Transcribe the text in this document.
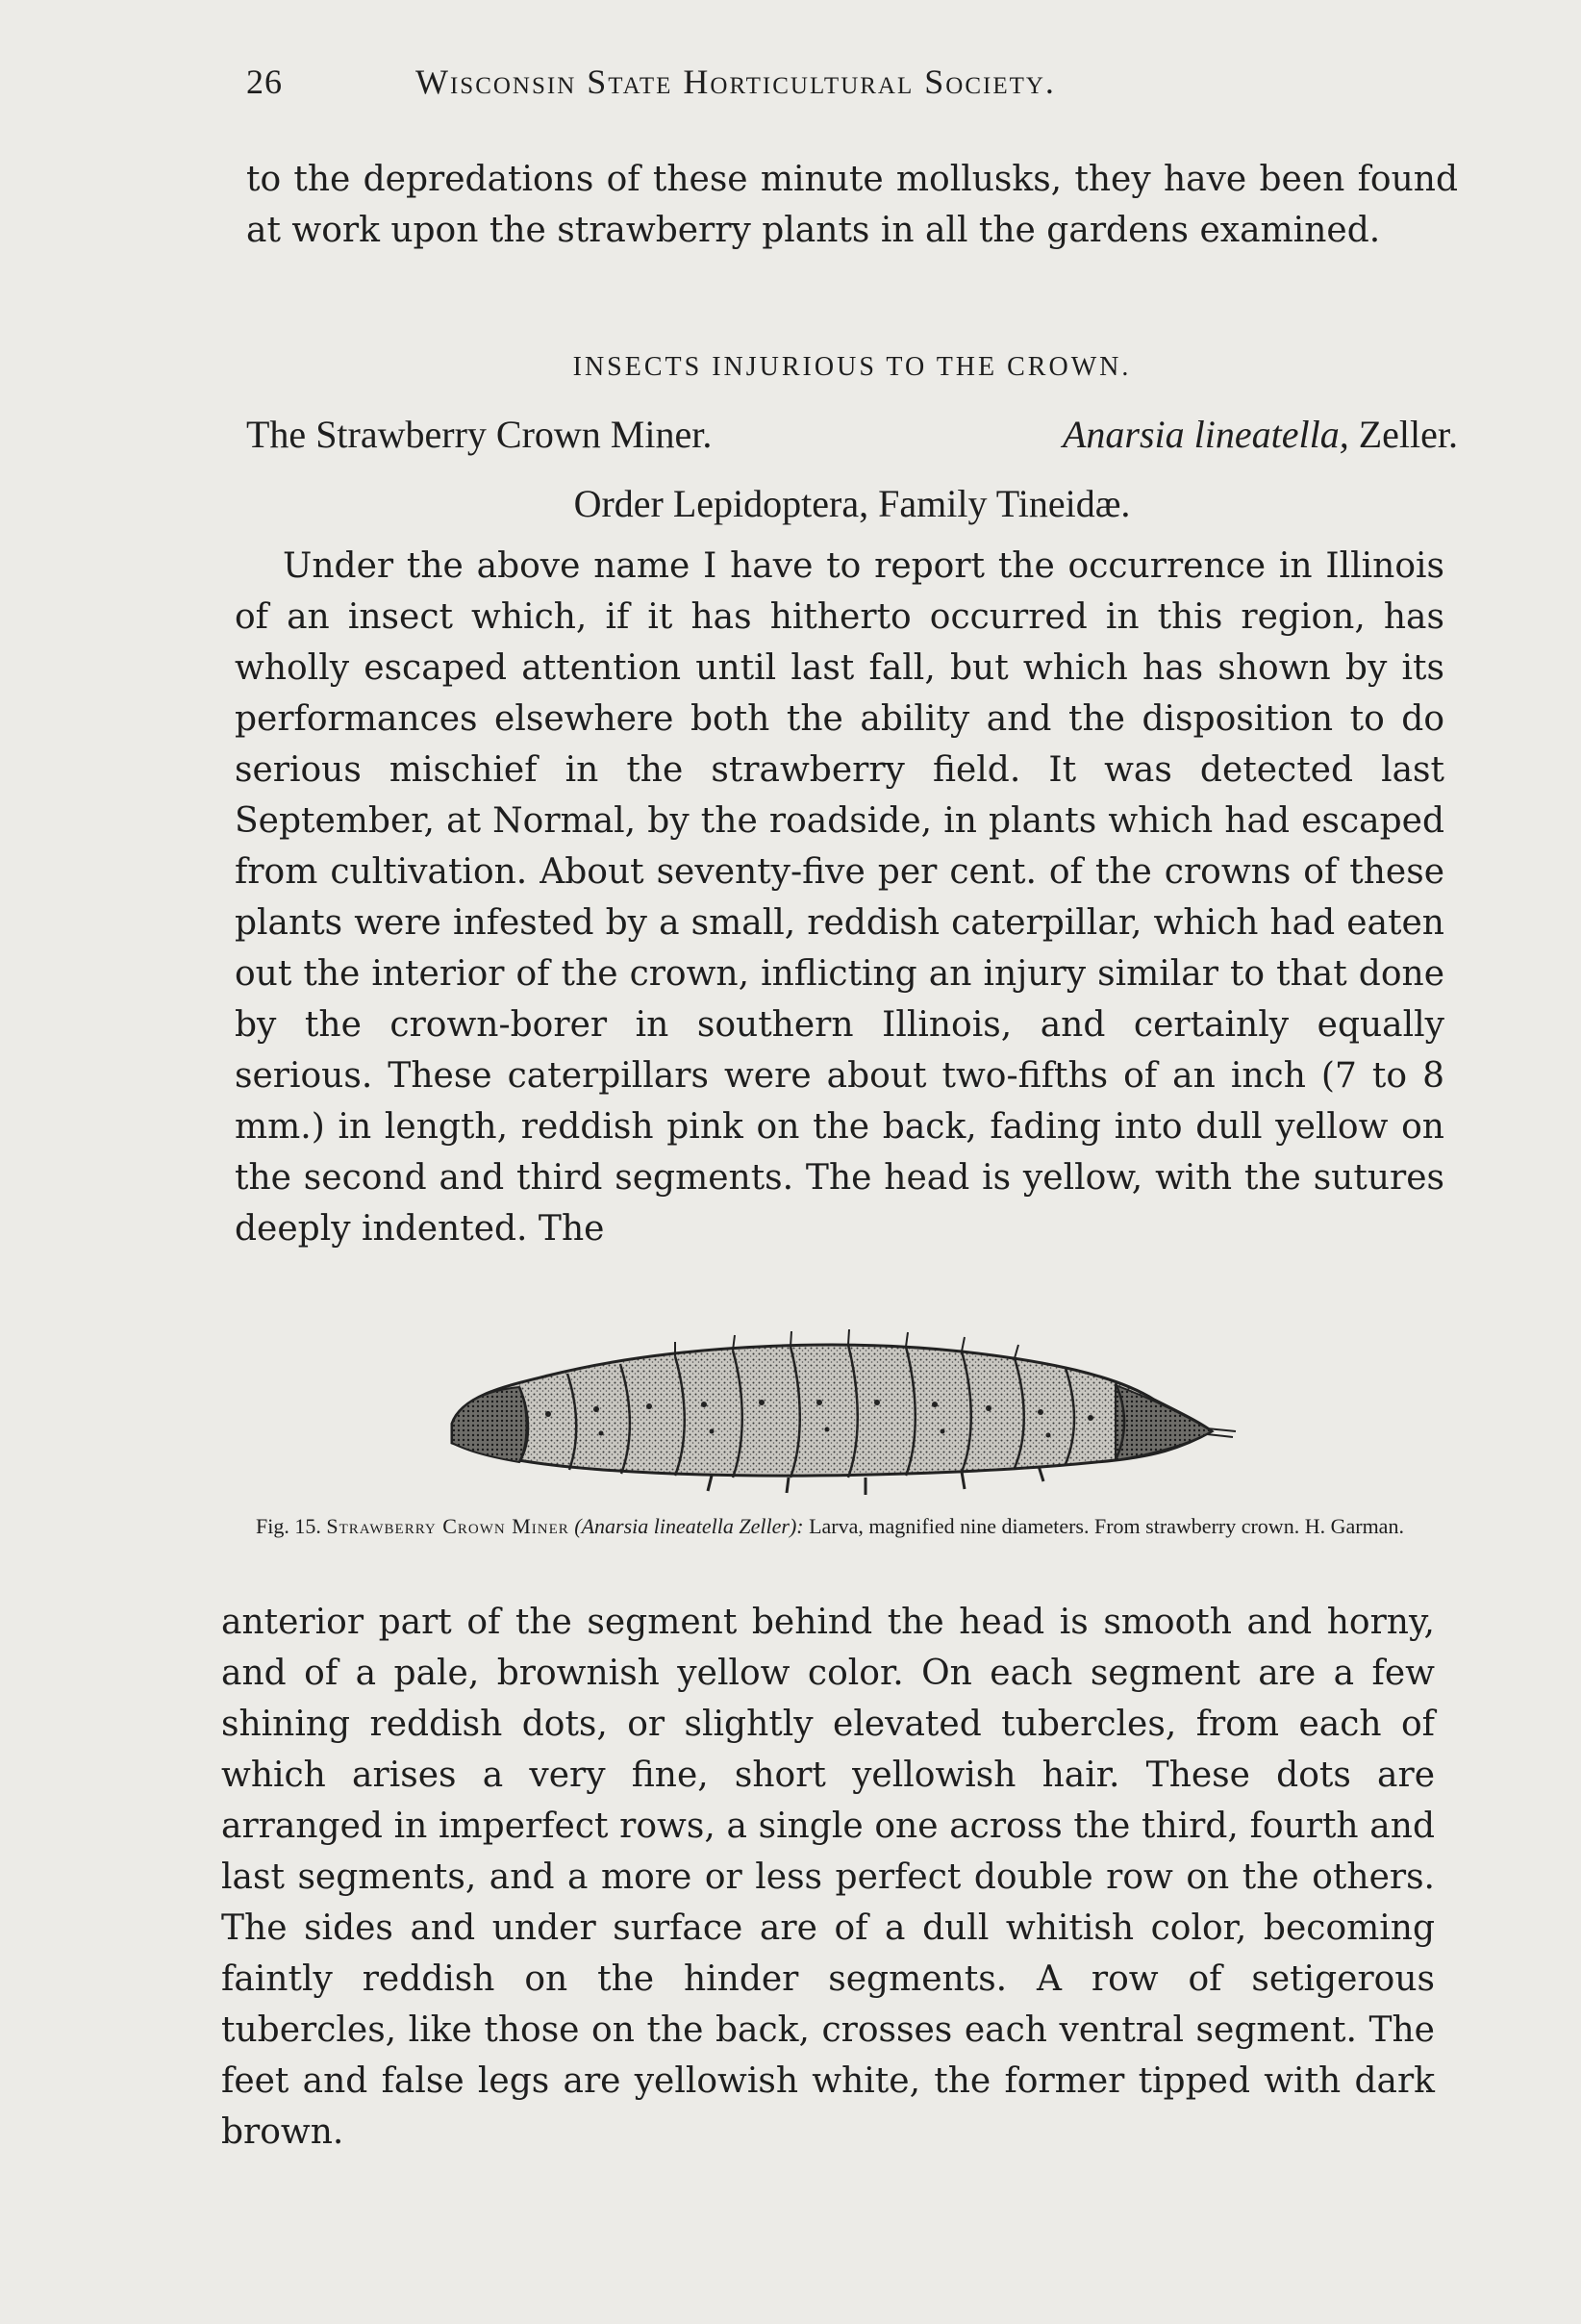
26	Wisconsin State Horticultural Society.

to the depredations of these minute mollusks, they have been found at work upon the strawberry plants in all the gardens examined.

INSECTS INJURIOUS TO THE CROWN.
The Strawberry Crown Miner.	Anarsia lineatella, Zeller.
Order Lepidoptera, Family Tineidæ.

Under the above name I have to report the occurrence in Illinois of an insect which, if it has hitherto occurred in this region, has wholly escaped attention until last fall, but which has shown by its performances elsewhere both the ability and the disposition to do serious mischief in the strawberry field. It was detected last September, at Normal, by the roadside, in plants which had escaped from cultivation. About seventy-five per cent. of the crowns of these plants were infested by a small, reddish caterpillar, which had eaten out the interior of the crown, inflicting an injury similar to that done by the crown-borer in southern Illinois, and certainly equally serious. These caterpillars were about two-fifths of an inch (7 to 8 mm.) in length, reddish pink on the back, fading into dull yellow on the second and third segments. The head is yellow, with the sutures deeply indented. The

Fig. 15. Strawberry Crown Miner (Anarsia lineatella Zeller): Larva, magnified nine diameters. From strawberry crown. H. Garman.

anterior part of the segment behind the head is smooth and horny, and of a pale, brownish yellow color. On each segment are a few shining reddish dots, or slightly elevated tubercles, from each of which arises a very fine, short yellowish hair. These dots are arranged in imperfect rows, a single one across the third, fourth and last segments, and a more or less perfect double row on the others. The sides and under surface are of a dull whitish color, becoming faintly reddish on the hinder segments. A row of setigerous tubercles, like those on the back, crosses each ventral segment. The feet and false legs are yellowish white, the former tipped with dark brown.
